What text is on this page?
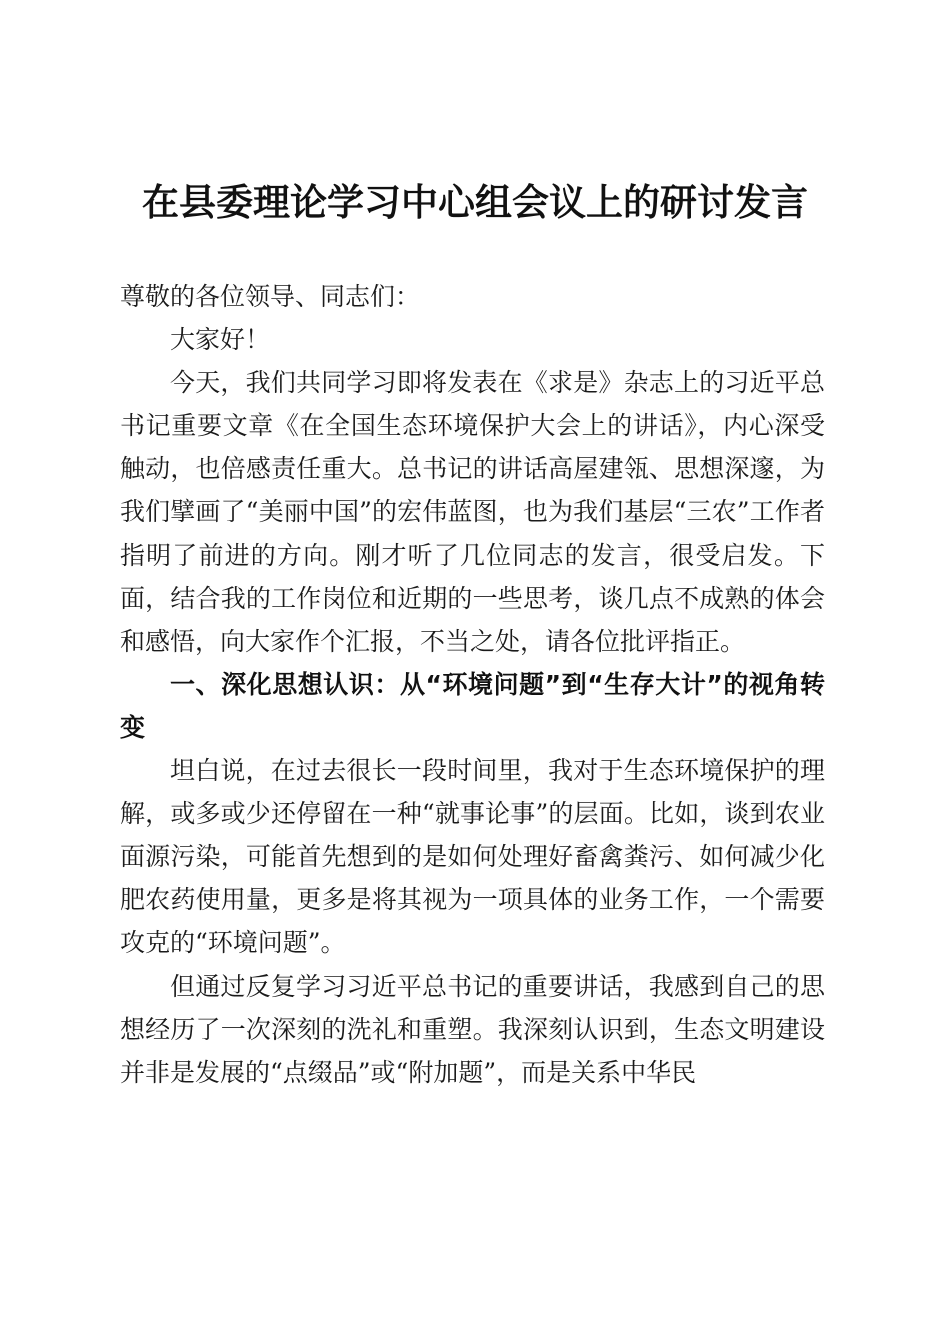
在县委理论学习中心组会议上的研讨发言

尊敬的各位领导、同志们：

大家好！

今天，我们共同学习即将发表在《求是》杂志上的习近平总书记重要文章《在全国生态环境保护大会上的讲话》，内心深受触动，也倍感责任重大。总书记的讲话高屋建瓴、思想深邃，为我们擘画了“美丽中国”的宏伟蓝图，也为我们基层“三农”工作者指明了前进的方向。刚才听了几位同志的发言，很受启发。下面，结合我的工作岗位和近期的一些思考，谈几点不成熟的体会和感悟，向大家作个汇报，不当之处，请各位批评指正。

一、深化思想认识：从“环境问题”到“生存大计”的视角转变

坦白说，在过去很长一段时间里，我对于生态环境保护的理解，或多或少还停留在一种“就事论事”的层面。比如，谈到农业面源污染，可能首先想到的是如何处理好畜禽粪污、如何减少化肥农药使用量，更多是将其视为一项具体的业务工作，一个需要攻克的“环境问题”。

但通过反复学习习近平总书记的重要讲话，我感到自己的思想经历了一次深刻的洗礼和重塑。我深刻认识到，生态文明建设并非是发展的“点缀品”或“附加题”，而是关系中华民
